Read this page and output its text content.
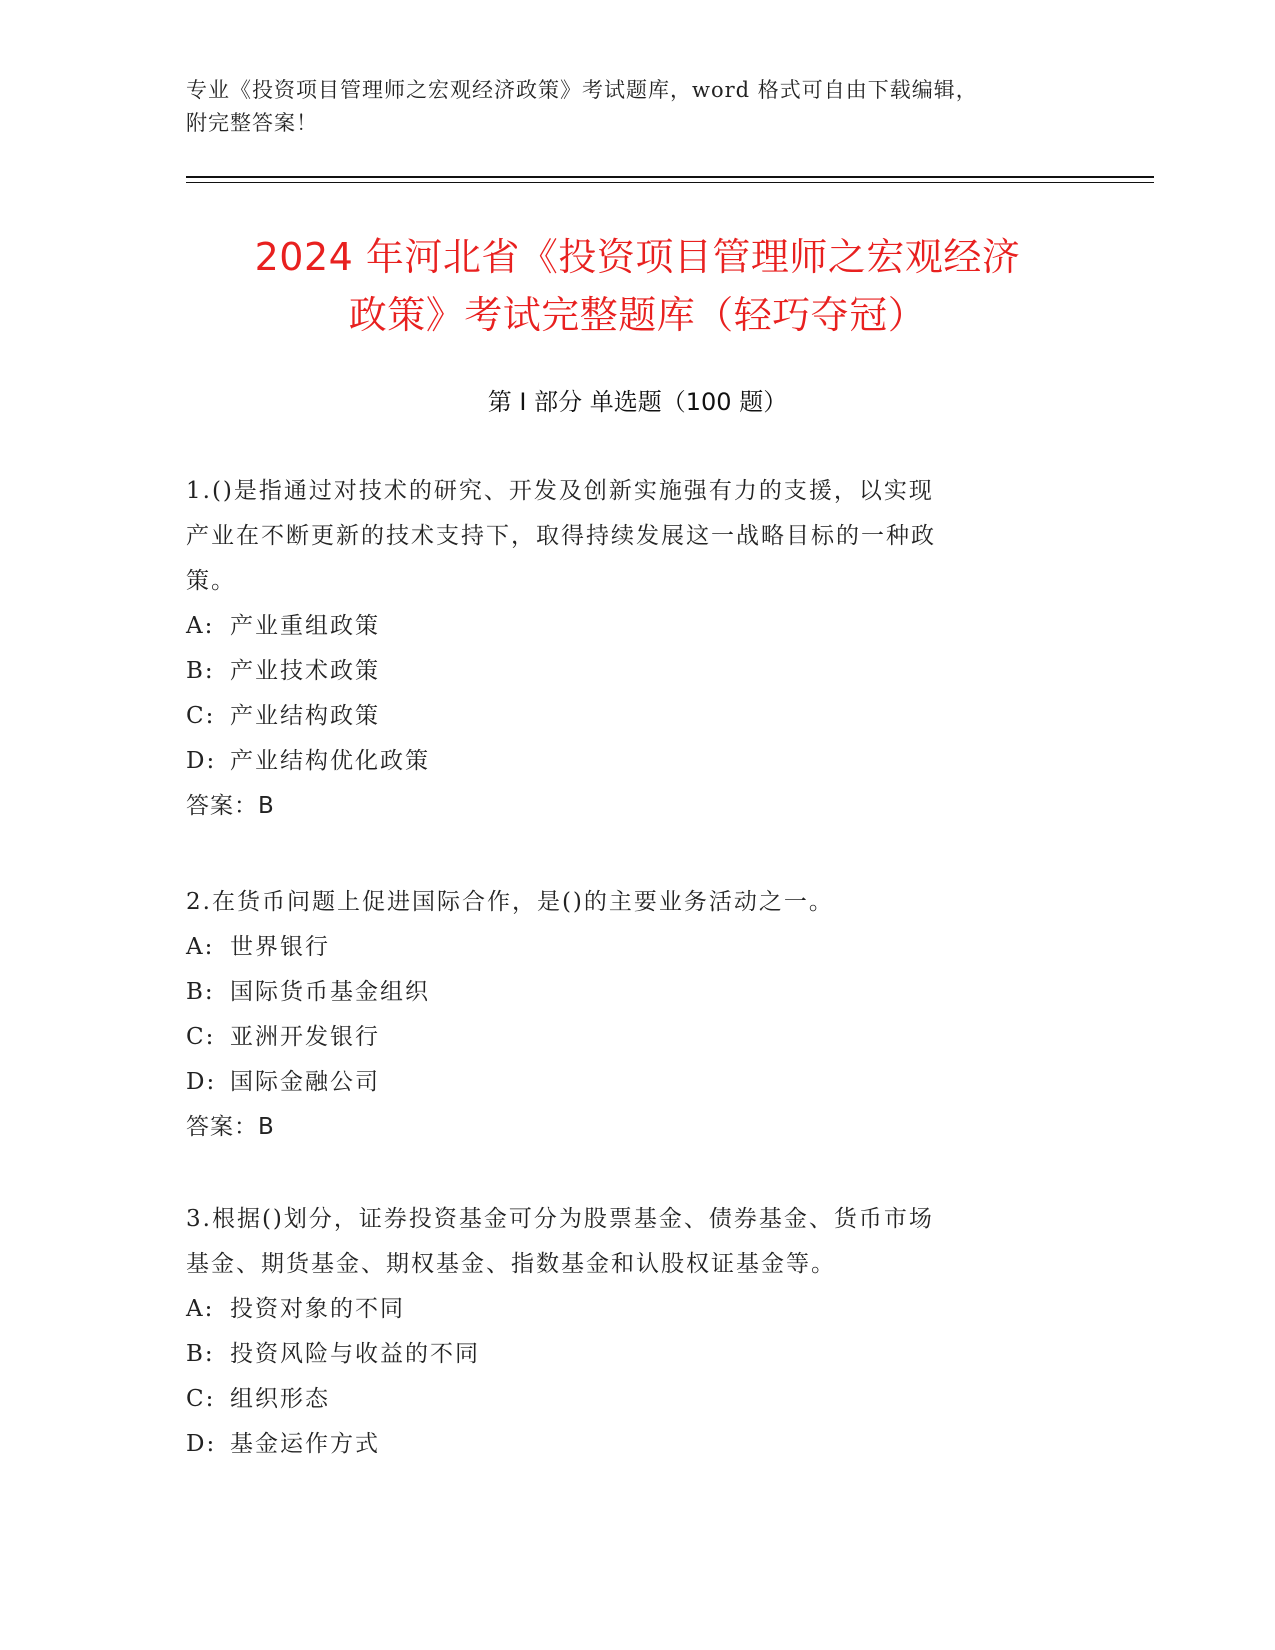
专业《投资项目管理师之宏观经济政策》考试题库，word 格式可自由下载编辑，
附完整答案！
2024 年河北省《投资项目管理师之宏观经济
政策》考试完整题库（轻巧夺冠）
第 I 部分 单选题（100 题）

1.()是指通过对技术的研究、开发及创新实施强有力的支援，以实现

产业在不断更新的技术支持下，取得持续发展这一战略目标的一种政

策。

A: 产业重组政策

B: 产业技术政策

C: 产业结构政策

D: 产业结构优化政策

答案：B

2.在货币问题上促进国际合作，是()的主要业务活动之一。

A: 世界银行

B: 国际货币基金组织

C: 亚洲开发银行

D: 国际金融公司

答案：B

3.根据()划分，证券投资基金可分为股票基金、债券基金、货币市场

基金、期货基金、期权基金、指数基金和认股权证基金等。

A: 投资对象的不同

B: 投资风险与收益的不同

C: 组织形态

D: 基金运作方式
